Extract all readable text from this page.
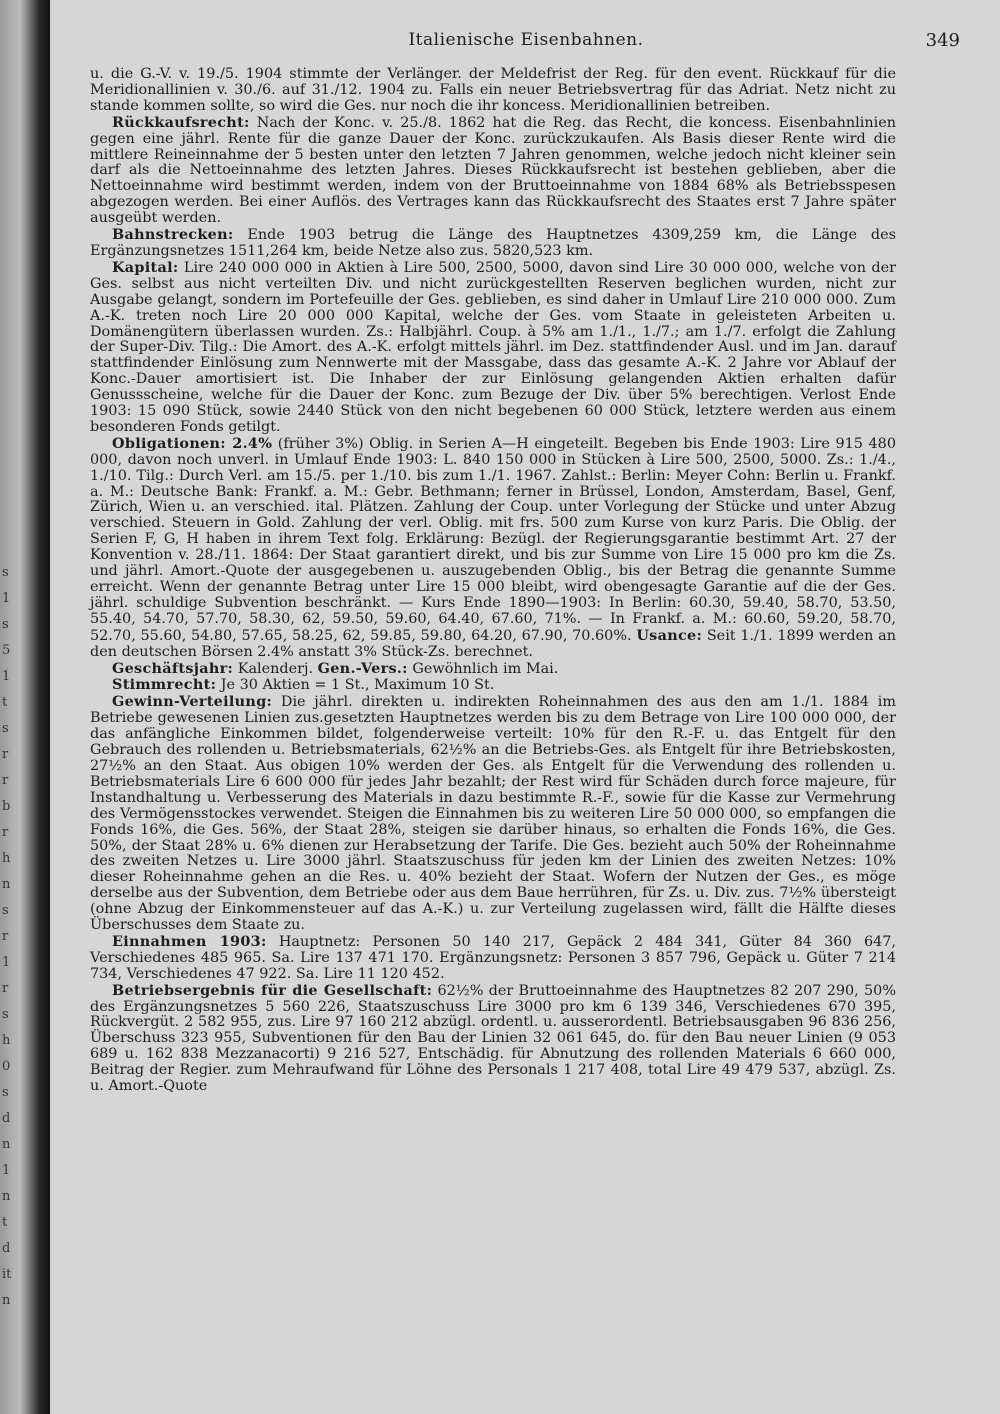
s
1
s
5
1
t
s
r
r
b
r
h
n
s
r
1
r
s
h
0
s
d
n
1
n
t
d
it
n
Italienische Eisenbahnen.	349

u. die G.-V. v. 19./5. 1904 stimmte der Verlänger. der Meldefrist der Reg. für den event. Rückkauf für die Meridionallinien v. 30./6. auf 31./12. 1904 zu. Falls ein neuer Betriebsvertrag für das Adriat. Netz nicht zu stande kommen sollte, so wird die Ges. nur noch die ihr koncess. Meridionallinien betreiben.

Rückkaufsrecht: Nach der Konc. v. 25./8. 1862 hat die Reg. das Recht, die koncess. Eisenbahnlinien gegen eine jährl. Rente für die ganze Dauer der Konc. zurückzukaufen. Als Basis dieser Rente wird die mittlere Reineinnahme der 5 besten unter den letzten 7 Jahren genommen, welche jedoch nicht kleiner sein darf als die Nettoeinnahme des letzten Jahres. Dieses Rückkaufsrecht ist bestehen geblieben, aber die Nettoeinnahme wird bestimmt werden, indem von der Bruttoeinnahme von 1884 68% als Betriebsspesen abgezogen werden. Bei einer Auflös. des Vertrages kann das Rückkaufsrecht des Staates erst 7 Jahre später ausgeübt werden.

Bahnstrecken: Ende 1903 betrug die Länge des Hauptnetzes 4309,259 km, die Länge des Ergänzungsnetzes 1511,264 km, beide Netze also zus. 5820,523 km.

Kapital: Lire 240 000 000 in Aktien à Lire 500, 2500, 5000, davon sind Lire 30 000 000, welche von der Ges. selbst aus nicht verteilten Div. und nicht zurückgestellten Reserven beglichen wurden, nicht zur Ausgabe gelangt, sondern im Portefeuille der Ges. geblieben, es sind daher in Umlauf Lire 210 000 000. Zum A.-K. treten noch Lire 20 000 000 Kapital, welche der Ges. vom Staate in geleisteten Arbeiten u. Domänengütern überlassen wurden. Zs.: Halbjährl. Coup. à 5% am 1./1., 1./7.; am 1./7. erfolgt die Zahlung der Super-Div. Tilg.: Die Amort. des A.-K. erfolgt mittels jährl. im Dez. stattfindender Ausl. und im Jan. darauf stattfindender Einlösung zum Nennwerte mit der Massgabe, dass das gesamte A.-K. 2 Jahre vor Ablauf der Konc.-Dauer amortisiert ist. Die Inhaber der zur Einlösung gelangenden Aktien erhalten dafür Genussscheine, welche für die Dauer der Konc. zum Bezuge der Div. über 5% berechtigen. Verlost Ende 1903: 15 090 Stück, sowie 2440 Stück von den nicht begebenen 60 000 Stück, letztere werden aus einem besonderen Fonds getilgt.

Obligationen: 2.4% (früher 3%) Oblig. in Serien A—H eingeteilt. Begeben bis Ende 1903: Lire 915 480 000, davon noch unverl. in Umlauf Ende 1903: L. 840 150 000 in Stücken à Lire 500, 2500, 5000. Zs.: 1./4., 1./10. Tilg.: Durch Verl. am 15./5. per 1./10. bis zum 1./1. 1967. Zahlst.: Berlin: Meyer Cohn: Berlin u. Frankf. a. M.: Deutsche Bank: Frankf. a. M.: Gebr. Bethmann; ferner in Brüssel, London, Amsterdam, Basel, Genf, Zürich, Wien u. an verschied. ital. Plätzen. Zahlung der Coup. unter Vorlegung der Stücke und unter Abzug verschied. Steuern in Gold. Zahlung der verl. Oblig. mit frs. 500 zum Kurse von kurz Paris. Die Oblig. der Serien F, G, H haben in ihrem Text folg. Erklärung: Bezügl. der Regierungsgarantie bestimmt Art. 27 der Konvention v. 28./11. 1864: Der Staat garantiert direkt, und bis zur Summe von Lire 15 000 pro km die Zs. und jährl. Amort.-Quote der ausgegebenen u. auszugebenden Oblig., bis der Betrag die genannte Summe erreicht. Wenn der genannte Betrag unter Lire 15 000 bleibt, wird obengesagte Garantie auf die der Ges. jährl. schuldige Subvention beschränkt. — Kurs Ende 1890—1903: In Berlin: 60.30, 59.40, 58.70, 53.50, 55.40, 54.70, 57.70, 58.30, 62, 59.50, 59.60, 64.40, 67.60, 71%. — In Frankf. a. M.: 60.60, 59.20, 58.70, 52.70, 55.60, 54.80, 57.65, 58.25, 62, 59.85, 59.80, 64.20, 67.90, 70.60%. Usance: Seit 1./1. 1899 werden an den deutschen Börsen 2.4% anstatt 3% Stück-Zs. berechnet.

Geschäftsjahr: Kalenderj. Gen.-Vers.: Gewöhnlich im Mai.

Stimmrecht: Je 30 Aktien = 1 St., Maximum 10 St.

Gewinn-Verteilung: Die jährl. direkten u. indirekten Roheinnahmen des aus den am 1./1. 1884 im Betriebe gewesenen Linien zus.gesetzten Hauptnetzes werden bis zu dem Betrage von Lire 100 000 000, der das anfängliche Einkommen bildet, folgenderweise verteilt: 10% für den R.-F. u. das Entgelt für den Gebrauch des rollenden u. Betriebsmaterials, 62½% an die Betriebs-Ges. als Entgelt für ihre Betriebskosten, 27½% an den Staat. Aus obigen 10% werden der Ges. als Entgelt für die Verwendung des rollenden u. Betriebsmaterials Lire 6 600 000 für jedes Jahr bezahlt; der Rest wird für Schäden durch force majeure, für Instandhaltung u. Verbesserung des Materials in dazu bestimmte R.-F., sowie für die Kasse zur Vermehrung des Vermögensstockes verwendet. Steigen die Einnahmen bis zu weiteren Lire 50 000 000, so empfangen die Fonds 16%, die Ges. 56%, der Staat 28%, steigen sie darüber hinaus, so erhalten die Fonds 16%, die Ges. 50%, der Staat 28% u. 6% dienen zur Herabsetzung der Tarife. Die Ges. bezieht auch 50% der Roheinnahme des zweiten Netzes u. Lire 3000 jährl. Staatszuschuss für jeden km der Linien des zweiten Netzes: 10% dieser Roheinnahme gehen an die Res. u. 40% bezieht der Staat. Wofern der Nutzen der Ges., es möge derselbe aus der Subvention, dem Betriebe oder aus dem Baue herrühren, für Zs. u. Div. zus. 7½% übersteigt (ohne Abzug der Einkommensteuer auf das A.-K.) u. zur Verteilung zugelassen wird, fällt die Hälfte dieses Überschusses dem Staate zu.

Einnahmen 1903: Hauptnetz: Personen 50 140 217, Gepäck 2 484 341, Güter 84 360 647, Verschiedenes 485 965. Sa. Lire 137 471 170. Ergänzungsnetz: Personen 3 857 796, Gepäck u. Güter 7 214 734, Verschiedenes 47 922. Sa. Lire 11 120 452.

Betriebsergebnis für die Gesellschaft: 62½% der Bruttoeinnahme des Hauptnetzes 82 207 290, 50% des Ergänzungsnetzes 5 560 226, Staatszuschuss Lire 3000 pro km 6 139 346, Verschiedenes 670 395, Rückvergüt. 2 582 955, zus. Lire 97 160 212 abzügl. ordentl. u. ausserordentl. Betriebsausgaben 96 836 256, Überschuss 323 955, Subventionen für den Bau der Linien 32 061 645, do. für den Bau neuer Linien (9 053 689 u. 162 838 Mezzanacorti) 9 216 527, Entschädig. für Abnutzung des rollenden Materials 6 660 000, Beitrag der Regier. zum Mehraufwand für Löhne des Personals 1 217 408, total Lire 49 479 537, abzügl. Zs. u. Amort.-Quote
